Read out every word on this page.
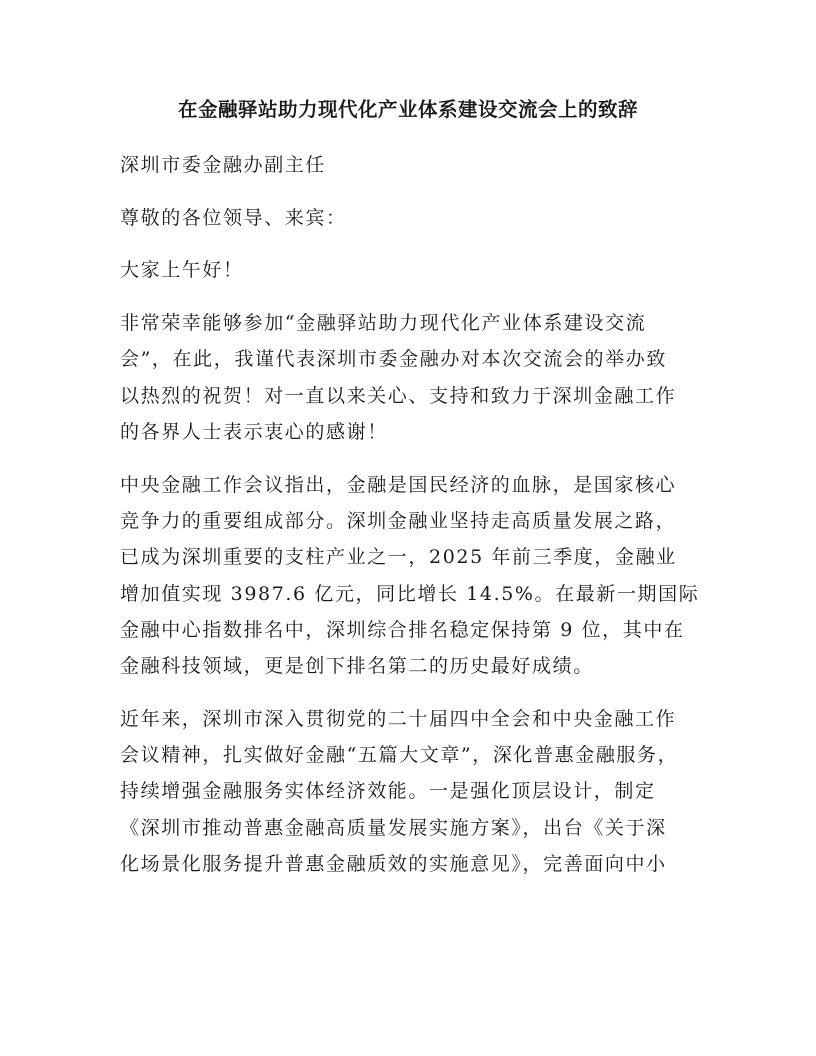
在金融驿站助力现代化产业体系建设交流会上的致辞

深圳市委金融办副主任

尊敬的各位领导、来宾：

大家上午好！

非常荣幸能够参加“金融驿站助力现代化产业体系建设交流
会”，在此，我谨代表深圳市委金融办对本次交流会的举办致
以热烈的祝贺！对一直以来关心、支持和致力于深圳金融工作
的各界人士表示衷心的感谢！

中央金融工作会议指出，金融是国民经济的血脉，是国家核心
竞争力的重要组成部分。深圳金融业坚持走高质量发展之路，
已成为深圳重要的支柱产业之一，2025 年前三季度，金融业
增加值实现 3987.6 亿元，同比增长 14.5%。在最新一期国际
金融中心指数排名中，深圳综合排名稳定保持第 9 位，其中在
金融科技领域，更是创下排名第二的历史最好成绩。

近年来，深圳市深入贯彻党的二十届四中全会和中央金融工作
会议精神，扎实做好金融“五篇大文章”，深化普惠金融服务，
持续增强金融服务实体经济效能。一是强化顶层设计，制定
《深圳市推动普惠金融高质量发展实施方案》，出台《关于深
化场景化服务提升普惠金融质效的实施意见》，完善面向中小
